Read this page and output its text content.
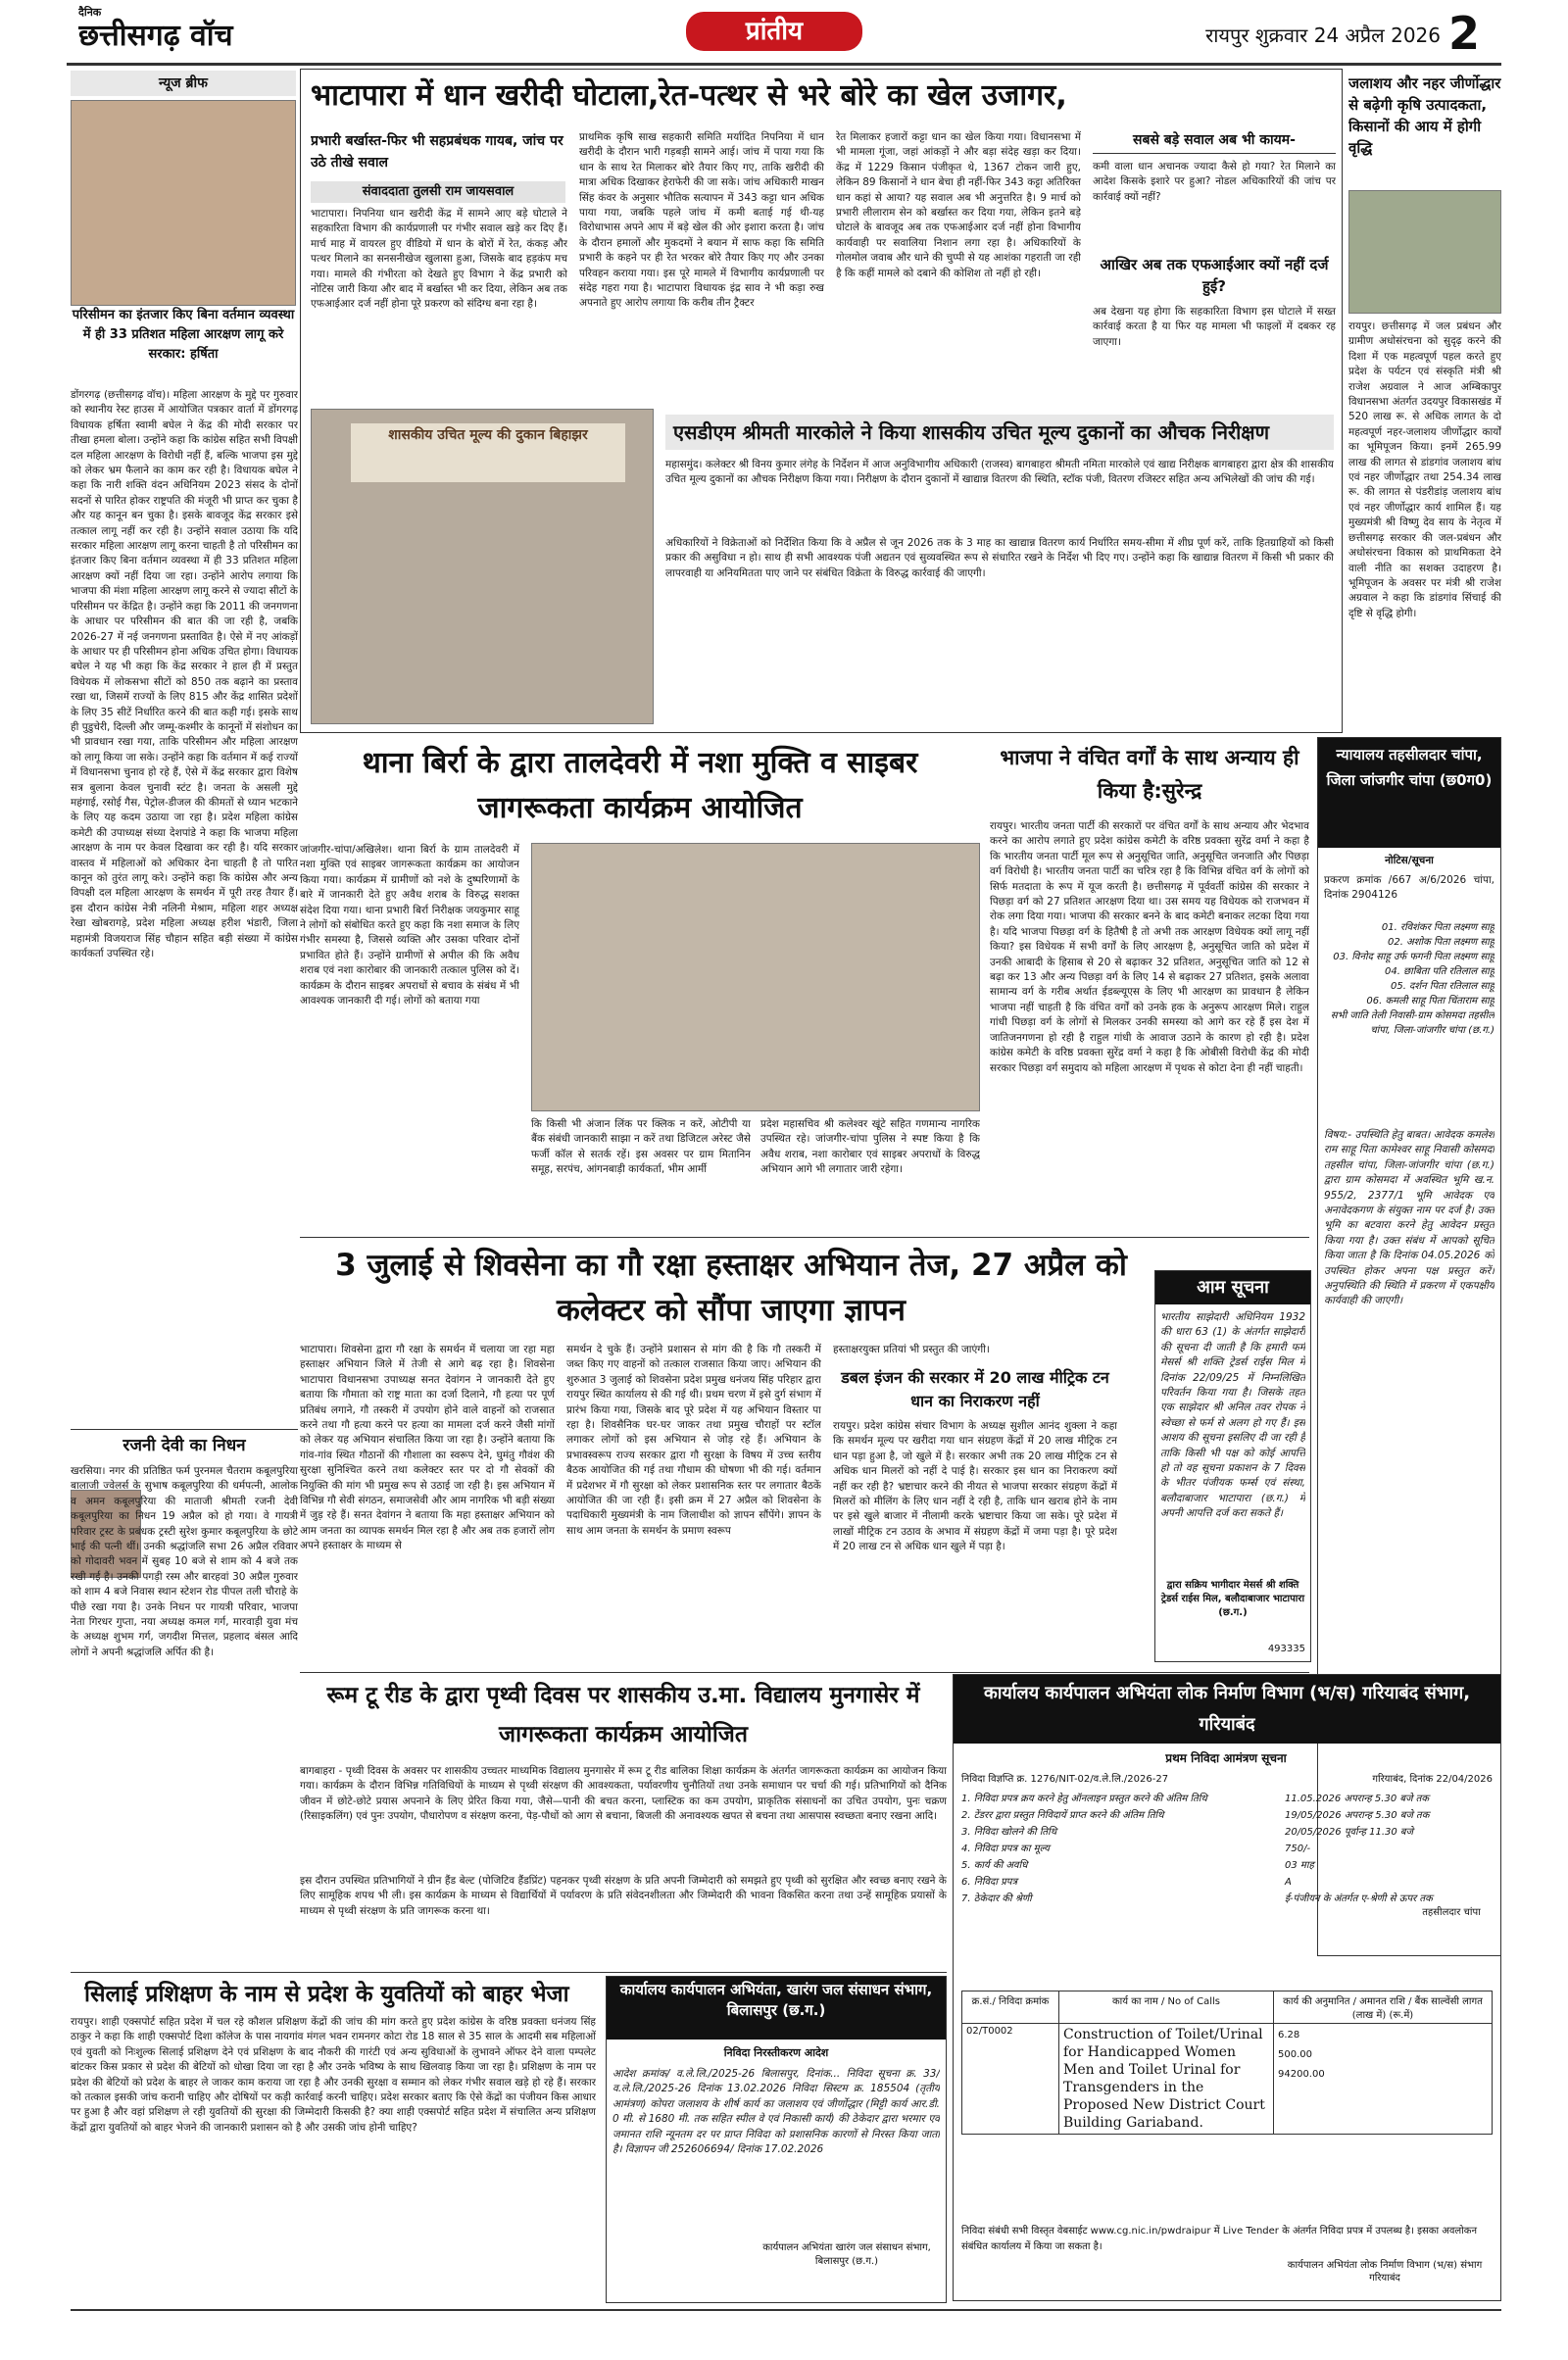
दैनिक
छत्तीसगढ़ वॉच	प्रांतीय	रायपुर शुक्रवार 24 अप्रैल 2026 2
न्यूज ब्रीफ
परिसीमन का इंतजार किए बिना वर्तमान व्यवस्था में ही 33 प्रतिशत महिला आरक्षण लागू करे सरकार: हर्षिता
डोंगरगढ़ (छत्तीसगढ़ वॉच)। महिला आरक्षण के मुद्दे पर गुरुवार को स्थानीय रेस्ट हाउस में आयोजित पत्रकार वार्ता में डोंगरगढ़ विधायक हर्षिता स्वामी बघेल ने केंद्र की मोदी सरकार पर तीखा हमला बोला। उन्होंने कहा कि कांग्रेस सहित सभी विपक्षी दल महिला आरक्षण के विरोधी नहीं हैं, बल्कि भाजपा इस मुद्दे को लेकर भ्रम फैलाने का काम कर रही है। विधायक बघेल ने कहा कि नारी शक्ति वंदन अधिनियम 2023 संसद के दोनों सदनों से पारित होकर राष्ट्रपति की मंजूरी भी प्राप्त कर चुका है और यह कानून बन चुका है। इसके बावजूद केंद्र सरकार इसे तत्काल लागू नहीं कर रही है। उन्होंने सवाल उठाया कि यदि सरकार महिला आरक्षण लागू करना चाहती है तो परिसीमन का इंतजार किए बिना वर्तमान व्यवस्था में ही 33 प्रतिशत महिला आरक्षण क्यों नहीं दिया जा रहा। उन्होंने आरोप लगाया कि भाजपा की मंशा महिला आरक्षण लागू करने से ज्यादा सीटों के परिसीमन पर केंद्रित है। उन्होंने कहा कि 2011 की जनगणना के आधार पर परिसीमन की बात की जा रही है, जबकि 2026-27 में नई जनगणना प्रस्तावित है। ऐसे में नए आंकड़ों के आधार पर ही परिसीमन होना अधिक उचित होगा। विधायक बघेल ने यह भी कहा कि केंद्र सरकार ने हाल ही में प्रस्तुत विधेयक में लोकसभा सीटों को 850 तक बढ़ाने का प्रस्ताव रखा था, जिसमें राज्यों के लिए 815 और केंद्र शासित प्रदेशों के लिए 35 सीटें निर्धारित करने की बात कही गई। इसके साथ ही पुडुचेरी, दिल्ली और जम्मू-कश्मीर के कानूनों में संशोधन का भी प्रावधान रखा गया, ताकि परिसीमन और महिला आरक्षण को लागू किया जा सके। उन्होंने कहा कि वर्तमान में कई राज्यों में विधानसभा चुनाव हो रहे हैं, ऐसे में केंद्र सरकार द्वारा विशेष सत्र बुलाना केवल चुनावी स्टंट है। जनता के असली मुद्दे महंगाई, रसोई गैस, पेट्रोल-डीजल की कीमतों से ध्यान भटकाने के लिए यह कदम उठाया जा रहा है। प्रदेश महिला कांग्रेस कमेटी की उपाध्यक्ष संध्या देशपांडे ने कहा कि भाजपा महिला आरक्षण के नाम पर केवल दिखावा कर रही है। यदि सरकार वास्तव में महिलाओं को अधिकार देना चाहती है तो पारित कानून को तुरंत लागू करे। उन्होंने कहा कि कांग्रेस और अन्य विपक्षी दल महिला आरक्षण के समर्थन में पूरी तरह तैयार हैं। इस दौरान कांग्रेस नेत्री नलिनी मेश्राम, महिला शहर अध्यक्ष रेखा खोबरागड़े, प्रदेश महिला अध्यक्ष हरीश भंडारी, जिला महामंत्री विजयराज सिंह चौहान सहित बड़ी संख्या में कांग्रेस कार्यकर्ता उपस्थित रहे।
रजनी देवी का निधन
खरसिया। नगर की प्रतिष्ठित फर्म पुरनमल चैतराम कबूलपुरिया बालाजी ज्वेलर्स के सुभाष कबूलपुरिया की धर्मपत्नी, आलोक व अमन कबूलपुरिया की माताजी श्रीमती रजनी देवी कबूलपुरिया का निधन 19 अप्रैल को हो गया। वे गायत्री परिवार ट्रस्ट के प्रबंधक ट्रस्टी सुरेश कुमार कबूलपुरिया के छोटे भाई की पत्नी थीं। उनकी श्रद्धांजलि सभा 26 अप्रैल रविवार को गोदावरी भवन में सुबह 10 बजे से शाम को 4 बजे तक रखी गई है। उनकी पगड़ी रस्म और बारहवां 30 अप्रैल गुरुवार को शाम 4 बजे निवास स्थान स्टेशन रोड पीपल तली चौराहे के पीछे रखा गया है। उनके निधन पर गायत्री परिवार, भाजपा नेता गिरधर गुप्ता, नया अध्यक्ष कमल गर्ग, मारवाड़ी युवा मंच के अध्यक्ष शुभम गर्ग, जगदीश मित्तल, प्रहलाद बंसल आदि लोगों ने अपनी श्रद्धांजलि अर्पित की है।
भाटापारा में धान खरीदी घोटाला,रेत-पत्थर से भरे बोरे का खेल उजागर,
प्रभारी बर्खास्त-फिर भी सहप्रबंधक गायब, जांच पर उठे तीखे सवाल
संवाददाता तुलसी राम जायसवाल
भाटापारा। निपनिया धान खरीदी केंद्र में सामने आए बड़े घोटाले ने सहकारिता विभाग की कार्यप्रणाली पर गंभीर सवाल खड़े कर दिए हैं। मार्च माह में वायरल हुए वीडियो में धान के बोरों में रेत, कंकड़ और पत्थर मिलाने का सनसनीखेज खुलासा हुआ, जिसके बाद हड़कंप मच गया। मामले की गंभीरता को देखते हुए विभाग ने केंद्र प्रभारी को नोटिस जारी किया और बाद में बर्खास्त भी कर दिया, लेकिन अब तक एफआईआर दर्ज नहीं होना पूरे प्रकरण को संदिग्ध बना रहा है।
प्राथमिक कृषि साख सहकारी समिति मर्यादित निपनिया में धान खरीदी के दौरान भारी गड़बड़ी सामने आई। जांच में पाया गया कि धान के साथ रेत मिलाकर बोरे तैयार किए गए, ताकि खरीदी की मात्रा अधिक दिखाकर हेराफेरी की जा सके। जांच अधिकारी माखन सिंह कंवर के अनुसार भौतिक सत्यापन में 343 कट्टा धान अधिक पाया गया, जबकि पहले जांच में कमी बताई गई थी-यह विरोधाभास अपने आप में बड़े खेल की ओर इशारा करता है। जांच के दौरान हमालों और मुकदमों ने बयान में साफ कहा कि समिति प्रभारी के कहने पर ही रेत भरकर बोरे तैयार किए गए और उनका परिवहन कराया गया। इस पूरे मामले में विभागीय कार्यप्रणाली पर संदेह गहरा गया है। भाटापारा विधायक इंद्र साव ने भी कड़ा रुख अपनाते हुए आरोप लगाया कि करीब तीन ट्रैक्टर
रेत मिलाकर हजारों कट्टा धान का खेल किया गया। विधानसभा में भी मामला गूंजा, जहां आंकड़ों ने और बड़ा संदेह खड़ा कर दिया। केंद्र में 1229 किसान पंजीकृत थे, 1367 टोकन जारी हुए, लेकिन 89 किसानों ने धान बेचा ही नहीं-फिर 343 कट्टा अतिरिक्त धान कहां से आया? यह सवाल अब भी अनुत्तरित है। 9 मार्च को प्रभारी लीलाराम सेन को बर्खास्त कर दिया गया, लेकिन इतने बड़े घोटाले के बावजूद अब तक एफआईआर दर्ज नहीं होना विभागीय कार्यवाही पर सवालिया निशान लगा रहा है। अधिकारियों के गोलमोल जवाब और धाने की चुप्पी से यह आशंका गहराती जा रही है कि कहीं मामले को दबाने की कोशिश तो नहीं हो रही।
सबसे बड़े सवाल अब भी कायम-
कमी वाला धान अचानक ज्यादा कैसे हो गया? रेत मिलाने का आदेश किसके इशारे पर हुआ? नोडल अधिकारियों की जांच पर कार्रवाई क्यों नहीं?
आखिर अब तक एफआईआर क्यों नहीं दर्ज हुई?
अब देखना यह होगा कि सहकारिता विभाग इस घोटाले में सख्त कार्रवाई करता है या फिर यह मामला भी फाइलों में दबकर रह जाएगा।
शासकीय उचित मूल्य की दुकान बिहाझर	एसडीएम श्रीमती मारकोले ने किया शासकीय उचित मूल्य दुकानों का औचक निरीक्षण
महासमुंद। कलेक्टर श्री विनय कुमार लंगेह के निर्देशन में आज अनुविभागीय अधिकारी (राजस्व) बागबाहरा श्रीमती नमिता मारकोले एवं खाद्य निरीक्षक बागबाहरा द्वारा क्षेत्र की शासकीय उचित मूल्य दुकानों का औचक निरीक्षण किया गया। निरीक्षण के दौरान दुकानों में खाद्यान्न वितरण की स्थिति, स्टॉक पंजी, वितरण रजिस्टर सहित अन्य अभिलेखों की जांच की गई।
अधिकारियों ने विक्रेताओं को निर्देशित किया कि वे अप्रैल से जून 2026 तक के 3 माह का खाद्यान्न वितरण कार्य निर्धारित समय-सीमा में शीघ्र पूर्ण करें, ताकि हितग्राहियों को किसी प्रकार की असुविधा न हो। साथ ही सभी आवश्यक पंजी अद्यतन एवं सुव्यवस्थित रूप से संधारित रखने के निर्देश भी दिए गए। उन्होंने कहा कि खाद्यान्न वितरण में किसी भी प्रकार की लापरवाही या अनियमितता पाए जाने पर संबंधित विक्रेता के विरुद्ध कार्रवाई की जाएगी।
जलाशय और नहर जीर्णोद्धार से बढ़ेगी कृषि उत्पादकता, किसानों की आय में होगी वृद्धि
रायपुर। छत्तीसगढ़ में जल प्रबंधन और ग्रामीण अधोसंरचना को सुदृढ़ करने की दिशा में एक महत्वपूर्ण पहल करते हुए प्रदेश के पर्यटन एवं संस्कृति मंत्री श्री राजेश अग्रवाल ने आज अम्बिकापुर विधानसभा अंतर्गत उदयपुर विकासखंड में 520 लाख रू. से अधिक लागत के दो महत्वपूर्ण नहर-जलाशय जीर्णोद्धार कार्यों का भूमिपूजन किया। इनमें 265.99 लाख की लागत से डांडगांव जलाशय बांध एवं नहर जीर्णोद्धार तथा 254.34 लाख रू. की लागत से पंडरीडांड़ जलाशय बांध एवं नहर जीर्णोद्धार कार्य शामिल हैं। यह मुख्यमंत्री श्री विष्णु देव साय के नेतृत्व में छत्तीसगढ़ सरकार की जल-प्रबंधन और अधोसंरचना विकास को प्राथमिकता देने वाली नीति का सशक्त उदाहरण है। भूमिपूजन के अवसर पर मंत्री श्री राजेश अग्रवाल ने कहा कि डांडगांव सिंचाई की दृष्टि से वृद्धि होगी।
थाना बिर्रा के द्वारा तालदेवरी में नशा मुक्ति व साइबर जागरूकता कार्यक्रम आयोजित
जांजगीर-चांपा/अखिलेश। थाना बिर्रा के ग्राम तालदेवरी में नशा मुक्ति एवं साइबर जागरूकता कार्यक्रम का आयोजन किया गया। कार्यक्रम में ग्रामीणों को नशे के दुष्परिणामों के बारे में जानकारी देते हुए अवैध शराब के विरुद्ध सशक्त संदेश दिया गया। थाना प्रभारी बिर्रा निरीक्षक जयकुमार साहू ने लोगों को संबोधित करते हुए कहा कि नशा समाज के लिए गंभीर समस्या है, जिससे व्यक्ति और उसका परिवार दोनों प्रभावित होते हैं। उन्होंने ग्रामीणों से अपील की कि अवैध शराब एवं नशा कारोबार की जानकारी तत्काल पुलिस को दें। कार्यक्रम के दौरान साइबर अपराधों से बचाव के संबंध में भी आवश्यक जानकारी दी गई। लोगों को बताया गया
कि किसी भी अंजान लिंक पर क्लिक न करें, ओटीपी या बैंक संबंधी जानकारी साझा न करें तथा डिजिटल अरेस्ट जैसे फर्जी कॉल से सतर्क रहें। इस अवसर पर ग्राम मितानिन समूह, सरपंच, आंगनबाड़ी कार्यकर्ता, भीम आर्मी
प्रदेश महासचिव श्री कलेश्वर खूंटे सहित गणमान्य नागरिक उपस्थित रहे। जांजगीर-चांपा पुलिस ने स्पष्ट किया है कि अवैध शराब, नशा कारोबार एवं साइबर अपराधों के विरुद्ध अभियान आगे भी लगातार जारी रहेगा।
भाजपा ने वंचित वर्गों के साथ अन्याय ही किया है:सुरेन्द्र
रायपुर। भारतीय जनता पार्टी की सरकारों पर वंचित वर्गों के साथ अन्याय और भेदभाव करने का आरोप लगाते हुए प्रदेश कांग्रेस कमेटी के वरिष्ठ प्रवक्ता सुरेंद्र वर्मा ने कहा है कि भारतीय जनता पार्टी मूल रूप से अनुसूचित जाति, अनुसूचित जनजाति और पिछड़ा वर्ग विरोधी है। भारतीय जनता पार्टी का चरित्र रहा है कि विभिन्न वंचित वर्ग के लोगों को सिर्फ मतदाता के रूप में यूज करती है। छत्तीसगढ़ में पूर्ववर्ती कांग्रेस की सरकार ने पिछड़ा वर्ग को 27 प्रतिशत आरक्षण दिया था। उस समय यह विधेयक को राजभवन में रोक लगा दिया गया। भाजपा की सरकार बनने के बाद कमेटी बनाकर लटका दिया गया है। यदि भाजपा पिछड़ा वर्ग के हितैषी है तो अभी तक आरक्षण विधेयक क्यों लागू नहीं किया? इस विधेयक में सभी वर्गों के लिए आरक्षण है, अनुसूचित जाति को प्रदेश में उनकी आबादी के हिसाब से 20 से बढ़ाकर 32 प्रतिशत, अनुसूचित जाति को 12 से बढ़ा कर 13 और अन्य पिछड़ा वर्ग के लिए 14 से बढ़ाकर 27 प्रतिशत, इसके अलावा सामान्य वर्ग के गरीब अर्थात ईडब्ल्यूएस के लिए भी आरक्षण का प्रावधान है लेकिन भाजपा नहीं चाहती है कि वंचित वर्गों को उनके हक के अनुरूप आरक्षण मिले। राहुल गांधी पिछड़ा वर्ग के लोगों से मिलकर उनकी समस्या को आगे कर रहे हैं इस देश में जातिजनगणना हो रही है राहुल गांधी के आवाज उठाने के कारण हो रही है। प्रदेश कांग्रेस कमेटी के वरिष्ठ प्रवक्ता सुरेंद्र वर्मा ने कहा है कि ओबीसी विरोधी केंद्र की मोदी सरकार पिछड़ा वर्ग समुदाय को महिला आरक्षण में पृथक से कोटा देना ही नहीं चाहती।
न्यायालय तहसीलदार चांपा, जिला जांजगीर चांपा (छ0ग0)
नोटिस/सूचना
प्रकरण क्रमांक /667 अ/6/2026 चांपा, दिनांक 2904126
01. रविशंकर पिता लक्ष्मण साहू
02. अशोक पिता लक्ष्मण साहू
03. विनोद साहू उर्फ फगनी पिता लक्ष्मण साहू
04. छाबिता पति रतिलाल साहू
05. दर्शन पिता रतिलाल साहू
06. कमली साहू पिता चिंताराम साहू
सभी जाति तेली निवासी-ग्राम कोसमदा तहसील चांपा, जिला-जांजगीर चांपा (छ.ग.)
विषय:- उपस्थिति हेतु बाबत। आवेदक कमलेश राम साहू पिता कामेश्वर साहू निवासी कोसमदा तहसील चांपा, जिला-जांजगीर चांपा (छ.ग.) द्वारा ग्राम कोसमदा में अवस्थित भूमि ख.न. 955/2, 2377/1 भूमि आवेदक एवं अनावेदकगण के संयुक्त नाम पर दर्ज है। उक्त भूमि का बटवारा करने हेतु आवेदन प्रस्तुत किया गया है। उक्त संबंध में आपको सूचित किया जाता है कि दिनांक 04.05.2026 को उपस्थित होकर अपना पक्ष प्रस्तुत करें। अनुपस्थिति की स्थिति में प्रकरण में एकपक्षीय कार्यवाही की जाएगी।
तहसीलदार चांपा
3 जुलाई से शिवसेना का गौ रक्षा हस्ताक्षर अभियान तेज, 27 अप्रैल को कलेक्टर को सौंपा जाएगा ज्ञापन
भाटापारा। शिवसेना द्वारा गौ रक्षा के समर्थन में चलाया जा रहा महा हस्ताक्षर अभियान जिले में तेजी से आगे बढ़ रहा है। शिवसेना भाटापारा विधानसभा उपाध्यक्ष सनत देवांगन ने जानकारी देते हुए बताया कि गौमाता को राष्ट्र माता का दर्जा दिलाने, गौ हत्या पर पूर्ण प्रतिबंध लगाने, गौ तस्करी में उपयोग होने वाले वाहनों को राजसात करने तथा गौ हत्या करने पर हत्या का मामला दर्ज करने जैसी मांगों को लेकर यह अभियान संचालित किया जा रहा है। उन्होंने बताया कि गांव-गांव स्थित गौठानों की गौशाला का स्वरूप देने, घुमंतु गौवंश की सुरक्षा सुनिश्चित करने तथा कलेक्टर स्तर पर दो गौ सेवकों की नियुक्ति की मांग भी प्रमुख रूप से उठाई जा रही है। इस अभियान में विभिन्न गौ सेवी संगठन, समाजसेवी और आम नागरिक भी बड़ी संख्या में जुड़ रहे हैं। सनत देवांगन ने बताया कि महा हस्ताक्षर अभियान को आम जनता का व्यापक समर्थन मिल रहा है और अब तक हजारों लोग अपने हस्ताक्षर के माध्यम से
समर्थन दे चुके हैं। उन्होंने प्रशासन से मांग की है कि गौ तस्करी में जब्त किए गए वाहनों को तत्काल राजसात किया जाए। अभियान की शुरुआत 3 जुलाई को शिवसेना प्रदेश प्रमुख धनंजय सिंह परिहार द्वारा रायपुर स्थित कार्यालय से की गई थी। प्रथम चरण में इसे दुर्ग संभाग में प्रारंभ किया गया, जिसके बाद पूरे प्रदेश में यह अभियान विस्तार पा रहा है। शिवसैनिक घर-घर जाकर तथा प्रमुख चौराहों पर स्टॉल लगाकर लोगों को इस अभियान से जोड़ रहे हैं। अभियान के प्रभावस्वरूप राज्य सरकार द्वारा गौ सुरक्षा के विषय में उच्च स्तरीय बैठक आयोजित की गई तथा गौधाम की घोषणा भी की गई। वर्तमान में प्रदेशभर में गौ सुरक्षा को लेकर प्रशासनिक स्तर पर लगातार बैठकें आयोजित की जा रही हैं। इसी क्रम में 27 अप्रैल को शिवसेना के पदाधिकारी मुख्यमंत्री के नाम जिलाधीश को ज्ञापन सौंपेंगे। ज्ञापन के साथ आम जनता के समर्थन के प्रमाण स्वरूप
हस्ताक्षरयुक्त प्रतियां भी प्रस्तुत की जाएंगी।
डबल इंजन की सरकार में 20 लाख मीट्रिक टन धान का निराकरण नहीं
रायपुर। प्रदेश कांग्रेस संचार विभाग के अध्यक्ष सुशील आनंद शुक्ला ने कहा कि समर्थन मूल्य पर खरीदा गया धान संग्रहण केंद्रों में 20 लाख मीट्रिक टन धान पड़ा हुआ है, जो खुले में है। सरकार अभी तक 20 लाख मीट्रिक टन से अधिक धान मिलरों को नहीं दे पाई है। सरकार इस धान का निराकरण क्यों नहीं कर रही है? भ्रष्टाचार करने की नीयत से भाजपा सरकार संग्रहण केंद्रों में मिलरों को मीलिंग के लिए धान नहीं दे रही है, ताकि धान खराब होने के नाम पर इसे खुले बाजार में नीलामी करके भ्रष्टाचार किया जा सके। पूरे प्रदेश में लाखों मीट्रिक टन उठाव के अभाव में संग्रहण केंद्रों में जमा पड़ा है। पूरे प्रदेश में 20 लाख टन से अधिक धान खुले में पड़ा है।
आम सूचना
भारतीय साझेदारी अधिनियम 1932 की धारा 63 (1) के अंतर्गत साझेदारी की सूचना दी जाती है कि हमारी फर्म मेसर्स श्री शक्ति ट्रेडर्स राईस मिल में दिनांक 22/09/25 में निम्नलिखित परिवर्तन किया गया है। जिसके तहत एक साझेदार श्री अनिल तवर रोपक ने स्वेच्छा से फर्म से अलग हो गए हैं। इस आशय की सूचना इसलिए दी जा रही है ताकि किसी भी पक्ष को कोई आपत्ति हो तो वह सूचना प्रकाशन के 7 दिवस के भीतर पंजीयक फर्म्स एवं संस्था, बलौदाबाजार भाटापारा (छ.ग.) में अपनी आपत्ति दर्ज करा सकते हैं।
द्वारा सक्रिय भागीदार मेसर्स श्री शक्ति ट्रेडर्स राईस मिल, बलौदाबाजार भाटापारा (छ.ग.)
493335
रूम टू रीड के द्वारा पृथ्वी दिवस पर शासकीय उ.मा. विद्यालय मुनगासेर में जागरूकता कार्यक्रम आयोजित
बागबाहरा - पृथ्वी दिवस के अवसर पर शासकीय उच्चतर माध्यमिक विद्यालय मुनगासेर में रूम टू रीड बालिका शिक्षा कार्यक्रम के अंतर्गत जागरूकता कार्यक्रम का आयोजन किया गया। कार्यक्रम के दौरान विभिन्न गतिविधियों के माध्यम से पृथ्वी संरक्षण की आवश्यकता, पर्यावरणीय चुनौतियों तथा उनके समाधान पर चर्चा की गई। प्रतिभागियों को दैनिक जीवन में छोटे-छोटे प्रयास अपनाने के लिए प्रेरित किया गया, जैसे—पानी की बचत करना, प्लास्टिक का कम उपयोग, प्राकृतिक संसाधनों का उचित उपयोग, पुनः चक्रण (रिसाइकलिंग) एवं पुनः उपयोग, पौधारोपण व संरक्षण करना, पेड़-पौधों को आग से बचाना, बिजली की अनावश्यक खपत से बचना तथा आसपास स्वच्छता बनाए रखना आदि।
इस दौरान उपस्थित प्रतिभागियों ने ग्रीन हैंड बेल्ट (पोजिटिव हैंडप्रिंट) पहनकर पृथ्वी संरक्षण के प्रति अपनी जिम्मेदारी को समझते हुए पृथ्वी को सुरक्षित और स्वच्छ बनाए रखने के लिए सामूहिक शपथ भी ली। इस कार्यक्रम के माध्यम से विद्यार्थियों में पर्यावरण के प्रति संवेदनशीलता और जिम्मेदारी की भावना विकसित करना तथा उन्हें सामूहिक प्रयासों के माध्यम से पृथ्वी संरक्षण के प्रति जागरूक करना था।
कार्यालय कार्यपालन अभियंता लोक निर्माण विभाग (भ/स) गरियाबंद संभाग, गरियाबंद
प्रथम निविदा आमंत्रण सूचना
निविदा विज्ञप्ति क्र. 1276/NIT-02/व.ले.लि./2026-27	गरियाबंद, दिनांक 22/04/2026
1. निविदा प्रपत्र क्रय करने हेतु ऑनलाइन प्रस्तुत करने की अंतिम तिथि	11.05.2026 अपरान्ह 5.30 बजे तक
2. टेंडरर द्वारा प्रस्तुत निविदायें प्राप्त करने की अंतिम तिथि	19/05/2026 अपरान्ह 5.30 बजे तक
3. निविदा खोलने की तिथि	20/05/2026 पूर्वान्ह 11.30 बजे
4. निविदा प्रपत्र का मूल्य	750/-
5. कार्य की अवधि	03 माह
6. निविदा प्रपत्र	A
7. ठेकेदार की श्रेणी	ई-पंजीयन के अंतर्गत ए-श्रेणी से ऊपर तक
क्र.सं./ निविदा क्रमांक	कार्य का नाम / No of Calls	कार्य की अनुमानित / अमानत राशि / बैंक साल्वेंसी लागत (लाख में) (रू.में)
02/T0002	Construction of Toilet/Urinal for Handicapped Women Men and Toilet Urinal for Transgenders in the Proposed New District Court Building Gariaband.	6.28
500.00
94200.00
निविदा संबंधी सभी विस्तृत वेबसाईट www.cg.nic.in/pwdraipur में Live Tender के अंतर्गत निविदा प्रपत्र में उपलब्ध है। इसका अवलोकन संबंधित कार्यालय में किया जा सकता है।
कार्यपालन अभियंता लोक निर्माण विभाग (भ/स) संभाग गरियाबंद
सिलाई प्रशिक्षण के नाम से प्रदेश के युवतियों को बाहर भेजा
रायपुर। शाही एक्सपोर्ट सहित प्रदेश में चल रहे कौशल प्रशिक्षण केंद्रों की जांच की मांग करते हुए प्रदेश कांग्रेस के वरिष्ठ प्रवक्ता धनंजय सिंह ठाकुर ने कहा कि शाही एक्सपोर्ट दिशा कॉलेज के पास नायगांव मंगल भवन रामनगर कोटा रोड 18 साल से 35 साल के आदमी सब महिलाओं एवं युवती को निःशुल्क सिलाई प्रशिक्षण देने एवं प्रशिक्षण के बाद नौकरी की गारंटी एवं अन्य सुविधाओं के लुभावने ऑफर देने वाला पम्पलेट बांटकर किस प्रकार से प्रदेश की बेटियों को धोखा दिया जा रहा है और उनके भविष्य के साथ खिलवाड़ किया जा रहा है। प्रशिक्षण के नाम पर प्रदेश की बेटियों को प्रदेश के बाहर ले जाकर काम कराया जा रहा है और उनकी सुरक्षा व सम्मान को लेकर गंभीर सवाल खड़े हो रहे हैं। सरकार को तत्काल इसकी जांच करानी चाहिए और दोषियों पर कड़ी कार्रवाई करनी चाहिए। प्रदेश सरकार बताए कि ऐसे केंद्रों का पंजीयन किस आधार पर हुआ है और वहां प्रशिक्षण ले रही युवतियों की सुरक्षा की जिम्मेदारी किसकी है? क्या शाही एक्सपोर्ट सहित प्रदेश में संचालित अन्य प्रशिक्षण केंद्रों द्वारा युवतियों को बाहर भेजने की जानकारी प्रशासन को है और उसकी जांच होनी चाहिए?
कार्यालय कार्यपालन अभियंता, खारंग जल संसाधन संभाग, बिलासपुर (छ.ग.)
निविदा निरस्तीकरण आदेश
आदेश क्रमांक/ व.ले.लि./2025-26 बिलासपुर, दिनांक... निविदा सूचना क्र. 33/व.ले.लि./2025-26 दिनांक 13.02.2026 निविदा सिस्टम क्र. 185504 (तृतीय आमंत्रण) कोपरा जलाशय के शीर्ष कार्य का जलाशय एवं जीर्णोद्धार (मिट्टी कार्य आर.डी. 0 मी. से 1680 मी. तक सहित स्पील वे एवं निकासी कार्य) की ठेकेदार द्वारा भरमार एवं जमानत राशि न्यूनतम दर पर प्राप्त निविदा को प्रशासनिक कारणों से निरस्त किया जाता है। विज्ञापन जी 252606694/ दिनांक 17.02.2026
कार्यपालन अभियंता खारंग जल संसाधन संभाग, बिलासपुर (छ.ग.)
